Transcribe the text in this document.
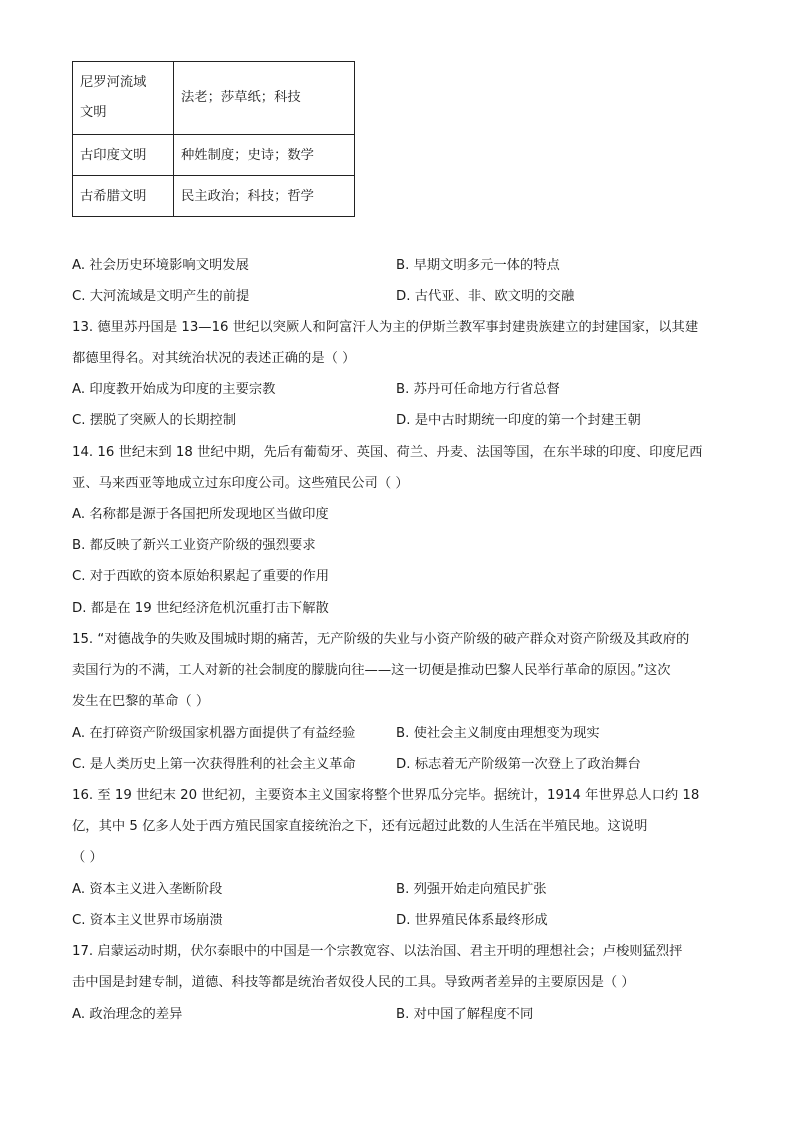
尼罗河流域
文明	法老；莎草纸；科技
古印度文明	种姓制度；史诗；数学
古希腊文明	民主政治；科技；哲学
A. 社会历史环境影响文明发展	B. 早期文明多元一体的特点
C. 大河流域是文明产生的前提	D. 古代亚、非、欧文明的交融
13. 德里苏丹国是 13—16 世纪以突厥人和阿富汗人为主的伊斯兰教军事封建贵族建立的封建国家，以其建
都德里得名。对其统治状况的表述正确的是（ ）
A. 印度教开始成为印度的主要宗教	B. 苏丹可任命地方行省总督
C. 摆脱了突厥人的长期控制	D. 是中古时期统一印度的第一个封建王朝
14. 16 世纪末到 18 世纪中期，先后有葡萄牙、英国、荷兰、丹麦、法国等国，在东半球的印度、印度尼西
亚、马来西亚等地成立过东印度公司。这些殖民公司（ ）
A. 名称都是源于各国把所发现地区当做印度
B. 都反映了新兴工业资产阶级的强烈要求
C. 对于西欧的资本原始积累起了重要的作用
D. 都是在 19 世纪经济危机沉重打击下解散
15. “对德战争的失败及围城时期的痛苦，无产阶级的失业与小资产阶级的破产群众对资产阶级及其政府的
卖国行为的不满，工人对新的社会制度的朦胧向往——这一切便是推动巴黎人民举行革命的原因。”这次
发生在巴黎的革命（ ）
A. 在打碎资产阶级国家机器方面提供了有益经验	B. 使社会主义制度由理想变为现实
C. 是人类历史上第一次获得胜利的社会主义革命	D. 标志着无产阶级第一次登上了政治舞台
16. 至 19 世纪末 20 世纪初，主要资本主义国家将整个世界瓜分完毕。据统计，1914 年世界总人口约 18
亿，其中 5 亿多人处于西方殖民国家直接统治之下，还有远超过此数的人生活在半殖民地。这说明
（ ）
A. 资本主义进入垄断阶段	B. 列强开始走向殖民扩张
C. 资本主义世界市场崩溃	D. 世界殖民体系最终形成
17. 启蒙运动时期，伏尔泰眼中的中国是一个宗教宽容、以法治国、君主开明的理想社会；卢梭则猛烈抨
击中国是封建专制，道德、科技等都是统治者奴役人民的工具。导致两者差异的主要原因是（ ）
A. 政治理念的差异	B. 对中国了解程度不同
